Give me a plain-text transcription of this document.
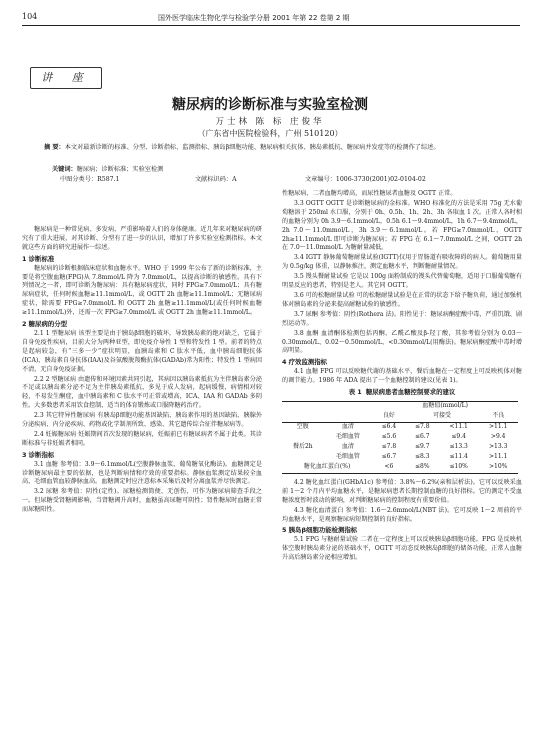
104	国外医学临床生物化学与检验学分册 2001 年第 22 卷第 2 期
讲 座
糖尿病的诊断标准与实验室检测
万士林 陈 标 庄俊华
（广东省中医院检验科，广州 510120）
摘 要：本文对最新诊断的标准、分型、诊断指标、监测指标、胰岛β细胞功能、糖尿病相关抗体、胰岛素抵抗、糖尿病并发症等的检测作了综述。
关键词：糖尿病；诊断标准；实验室检测
中图分类号：R587.1	文献标识码：A	文章编号：1006-3730(2001)02-0104-02

糖尿病是一种常见病、多发病，严重影响着人们的身体健康。近几年来对糖尿病的研究有了重大进展，对其诊断、分型有了进一步的认识，增加了许多实验室检测指标。本文就这些方面的研究进展作一综述。

1 诊断标准

糖尿病的诊断根据临床症状和血糖水平。WHO 于 1999 年公布了新的诊断标准，主要是将空腹血糖(FPG)从 7.8mmol/L 降为 7.0mmol/L，以提高诊断的敏感性。具有下列情况之一者，即可诊断为糖尿病：具有糖尿病症状，同时 FPG≥7.0mmol/L；具有糖尿病症状，任何时候血糖≥11.1mmol/L，或 OGTT 2h 血糖≥11.1mmol/L；无糖尿病症状，除需要 FPG≥7.0mmol/L 和 OGTT 2h 血糖≥11.1mmol/L(或任何时候血糖≥11.1mmol/L)外，还需一次 FPG≥7.0mmol/L 或 OGTT 2h 血糖≥11.1mmol/L。

2 糖尿病的分型

2.1 1 型糖尿病 该型主要是由于胰岛β细胞的破坏，导致胰岛素的绝对缺乏，它属于自身免疫性疾病，目前大分为两种亚型，即免疫介导性 1 型和特发性 1 型。前者的特点是起病较急，有“三多一少”症状明显，血胰岛素和 C 肽水平低，血中胰岛细胞抗体(ICA)、胰岛素自身抗体(IAA)及谷氨酸脱羧酶抗体(GADAb)常为阳性；特发性 1 型病因不清，无自身免疫证据。

2.2 2 型糖尿病 由遗传和环境因素共同引起，其病因以胰岛素抵抗为主伴胰岛素分泌不足或以胰岛素分泌不足为主伴胰岛素抵抗，多见于成人发病，起病缓慢，病情相对较轻，不易发生酮症，血中胰岛素和 C 肽水平可正常或增高，ICA、IAA 和 GADAb 多阴性。大多数患者采用饮食控制、适当的体育锻炼或口服降糖药治疗。

2.3 其它特异性糖尿病 有胰岛β细胞功能基因缺陷、胰岛素作用的基因缺陷、胰腺外分泌疾病、内分泌疾病、药物或化学制剂所致、感染、其它遗传综合征伴糖尿病等。

2.4 妊娠糖尿病 妊娠期间首次发现的糖尿病，妊娠前已有糖尿病者不属于此类。其诊断标准与非妊娠者相同。

3 诊断指标

3.1 血糖 参考值：3.9～6.1mmol/L(空腹静脉血浆，葡萄糖氧化酶法)。血糖测定是诊断糖尿病最主要的依据，也是判断病情和疗效的重要指标。静脉血浆测定结果较全血高，毛细血管血较静脉血高。血糖测定时应注意标本采集后及时分离血浆并尽快测定。

3.2 尿糖 参考值：阴性(定性)。尿糖检测简便、无创伤，可作为糖尿病筛查手段之一。但尿糖受肾糖阈影响，当肾糖阈升高时，血糖虽高尿糖可阴性；肾性糖尿时血糖正常而尿糖阳性。

性糖尿病、二者血糖均增高，而尿性糖尿者血糖及 OGTT 正常。

3.3 OGTT OGTT 是诊断糖尿病的金标准。WHO 标准化的方法是采用 75g 无水葡萄糖溶于 250ml 水口服，分别于 0h、0.5h、1h、2h、3h 各取血 1 次。正常人各时相的血糖分别为 0h 3.9～6.1mmol/L，0.5h 6.1～9.4mmol/L，1h 6.7～9.4mmol/L，2h 7.0～11.0mmol/L，3h 3.9～6.1mmol/L。若 FPG≥7.0mmol/L，OGTT 2h≥11.1mmol/L 即可诊断为糖尿病；若 FPG 在 6.1～7.0mmol/L 之间，OGTT 2h 在 7.0～11.0mmol/L 为糖耐量减低。

3.4 IGTT 静脉葡萄糖耐量试验(IGTT)仅用于胃肠道有吸收障碍的病人。葡萄糖用量为 0.5g/kg 体重，以静脉推注，测定血糖水平，判断糖耐量情况。

3.5 馒头餐耐量试验 它是以 100g 面粉制成的馒头代替葡萄糖，适用于口服葡萄糖有明显反应的患者，特别是老人。其它同 OGTT。

3.6 可的松糖耐量试验 可的松糖耐量试验是在正常的状态下给予糖负荷，通过加强机体对胰岛素的分泌来提高耐糖试验的敏感性。

3.7 尿酮 参考值：阴性(Rothera 法)。阳性见于：糖尿病酮症酸中毒，严重饥饿、剧烈运动等。

3.8 血酮 血清酮体检测包括丙酮、乙酰乙酸及β-羟丁酸，其参考值分别为 0.03～0.30mmol/L、0.02～0.50mmol/L、<0.30mmol/L(用酶法)。糖尿病酮症酸中毒时增高明显。

4 疗效监测指标

4.1 血糖 FPG 可以反映糖代谢的基础水平，餐后血糖在一定程度上可反映机体对糖的调节能力。1986 年 ADA 提出了一个血糖控制的建议(见表 1)。

表 1 糖尿病患者血糖控制要求的建议
		血糖值(mmol/L)			
		良好	可接受		不良
空腹	血清	≤6.4	≤7.8	<11.1	>11.1
	毛细血管	≤5.6	≤6.7	≤9.4	>9.4
餐后2h	血清	≤7.8	≤9.7	≤13.3	>13.3
	毛细血管	≤6.7	≤8.3	≤11.4	>11.1
糖化血红蛋白(%)		<6	≤8%	≤10%	>10%

4.2 糖化血红蛋白(GHbA1c) 参考值：3.8%～6.2%(亲和层析法)。它可以反映采血前 1～2 个月内平均血糖水平，是糖尿病患者长期控制血糖的良好指标。它的测定不受血糖浓度暂时波动的影响，对判断糖尿病的控制程度有重要价值。

4.3 糖化血清蛋白 参考值：1.6～2.6mmol/L(NBT 法)。它可反映 1～2 周前的平均血糖水平，是观察糖尿病短期控制的良好指标。

5 胰岛β细胞功能检测指标

5.1 FPG 与糖耐量试验 二者在一定程度上可以反映胰岛β细胞功能。FPG 是反映机体空腹时胰岛素分泌的基础水平，OGTT 可动态反映胰岛β细胞的储备功能，正常人血糖升高后胰岛素分泌相应增加。
